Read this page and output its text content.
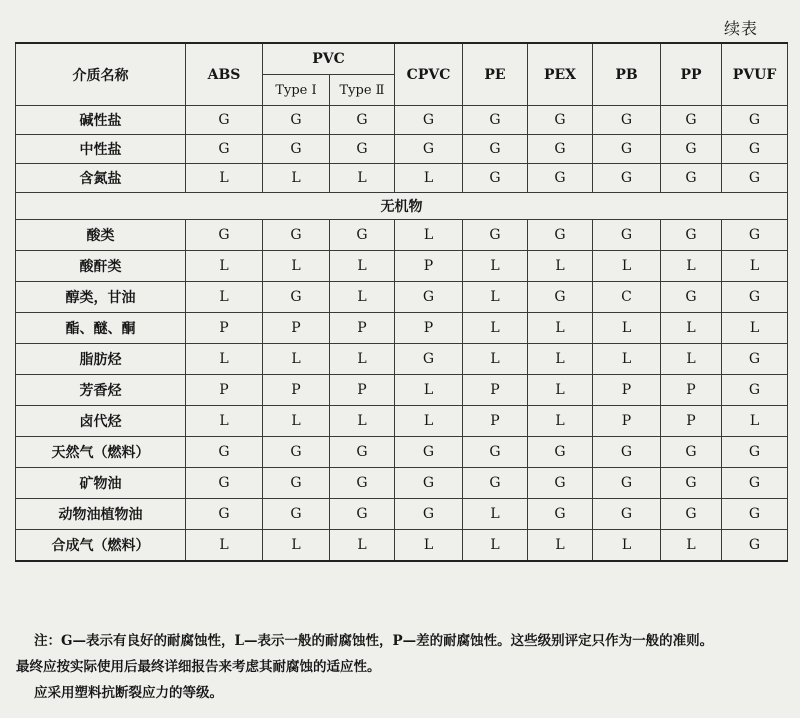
续表
介质名称	ABS	PVC		CPVC	PE	PEX	PB	PP	PVUF
		Type Ⅰ	Type Ⅱ						
碱性盐	G	G	G	G	G	G	G	G	G
中性盐	G	G	G	G	G	G	G	G	G
含氮盐	L	L	L	L	G	G	G	G	G
无机物									
酸类	G	G	G	L	G	G	G	G	G
酸酐类	L	L	L	P	L	L	L	L	L
醇类，甘油	L	G	L	G	L	G	C	G	G
酯、醚、酮	P	P	P	P	L	L	L	L	L
脂肪烃	L	L	L	G	L	L	L	L	G
芳香烃	P	P	P	L	P	L	P	P	G
卤代烃	L	L	L	L	P	L	P	P	L
天然气（燃料）	G	G	G	G	G	G	G	G	G
矿物油	G	G	G	G	G	G	G	G	G
动物油植物油	G	G	G	G	L	G	G	G	G
合成气（燃料）	L	L	L	L	L	L	L	L	G

注：G—表示有良好的耐腐蚀性，L—表示一般的耐腐蚀性，P—差的耐腐蚀性。这些级别评定只作为一般的准则。

最终应按实际使用后最终详细报告来考虑其耐腐蚀的适应性。

应采用塑料抗断裂应力的等级。
